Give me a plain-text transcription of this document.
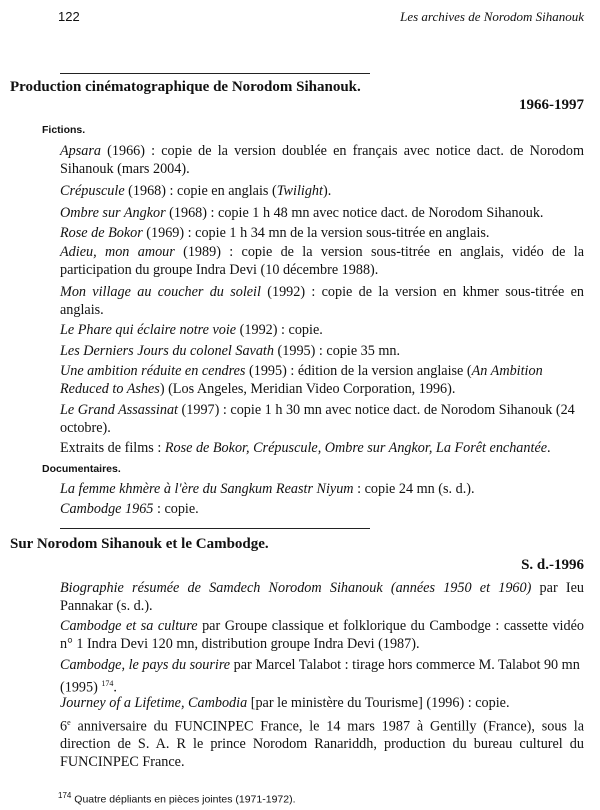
122	Les archives de Norodom Sihanouk
Production cinématographique de Norodom Sihanouk.
1966-1997
Fictions.

Apsara (1966) : copie de la version doublée en français avec notice dact. de Norodom Sihanouk (mars 2004).

Crépuscule (1968) : copie en anglais (Twilight).

Ombre sur Angkor (1968) : copie 1 h 48 mn avec notice dact. de Norodom Sihanouk.

Rose de Bokor (1969) : copie 1 h 34 mn de la version sous-titrée en anglais.

Adieu, mon amour (1989) : copie de la version sous-titrée en anglais, vidéo de la participation du groupe Indra Devi (10 décembre 1988).

Mon village au coucher du soleil (1992) : copie de la version en khmer sous-titrée en anglais.

Le Phare qui éclaire notre voie (1992) : copie.

Les Derniers Jours du colonel Savath (1995) : copie 35 mn.

Une ambition réduite en cendres (1995) : édition de la version anglaise (An Ambition Reduced to Ashes) (Los Angeles, Meridian Video Corporation, 1996).

Le Grand Assassinat (1997) : copie 1 h 30 mn avec notice dact. de Norodom Sihanouk (24 octobre).

Extraits de films : Rose de Bokor, Crépuscule, Ombre sur Angkor, La Forêt enchantée.

Documentaires.

La femme khmère à l'ère du Sangkum Reastr Niyum : copie 24 mn (s. d.).

Cambodge 1965 : copie.

Sur Norodom Sihanouk et le Cambodge.
S. d.-1996

Biographie résumée de Samdech Norodom Sihanouk (années 1950 et 1960) par Ieu Pannakar (s. d.).

Cambodge et sa culture par Groupe classique et folklorique du Cambodge : cassette vidéo n° 1 Indra Devi 120 mn, distribution groupe Indra Devi (1987).

Cambodge, le pays du sourire par Marcel Talabot : tirage hors commerce M. Talabot 90 mn (1995) $^{174}$.

Journey of a Lifetime, Cambodia [par le ministère du Tourisme] (1996) : copie.

6e anniversaire du FUNCINPEC France, le 14 mars 1987 à Gentilly (France), sous la direction de S. A. R le prince Norodom Ranariddh, production du bureau culturel du FUNCINPEC France.

$^{174}$ Quatre dépliants en pièces jointes (1971-1972).
